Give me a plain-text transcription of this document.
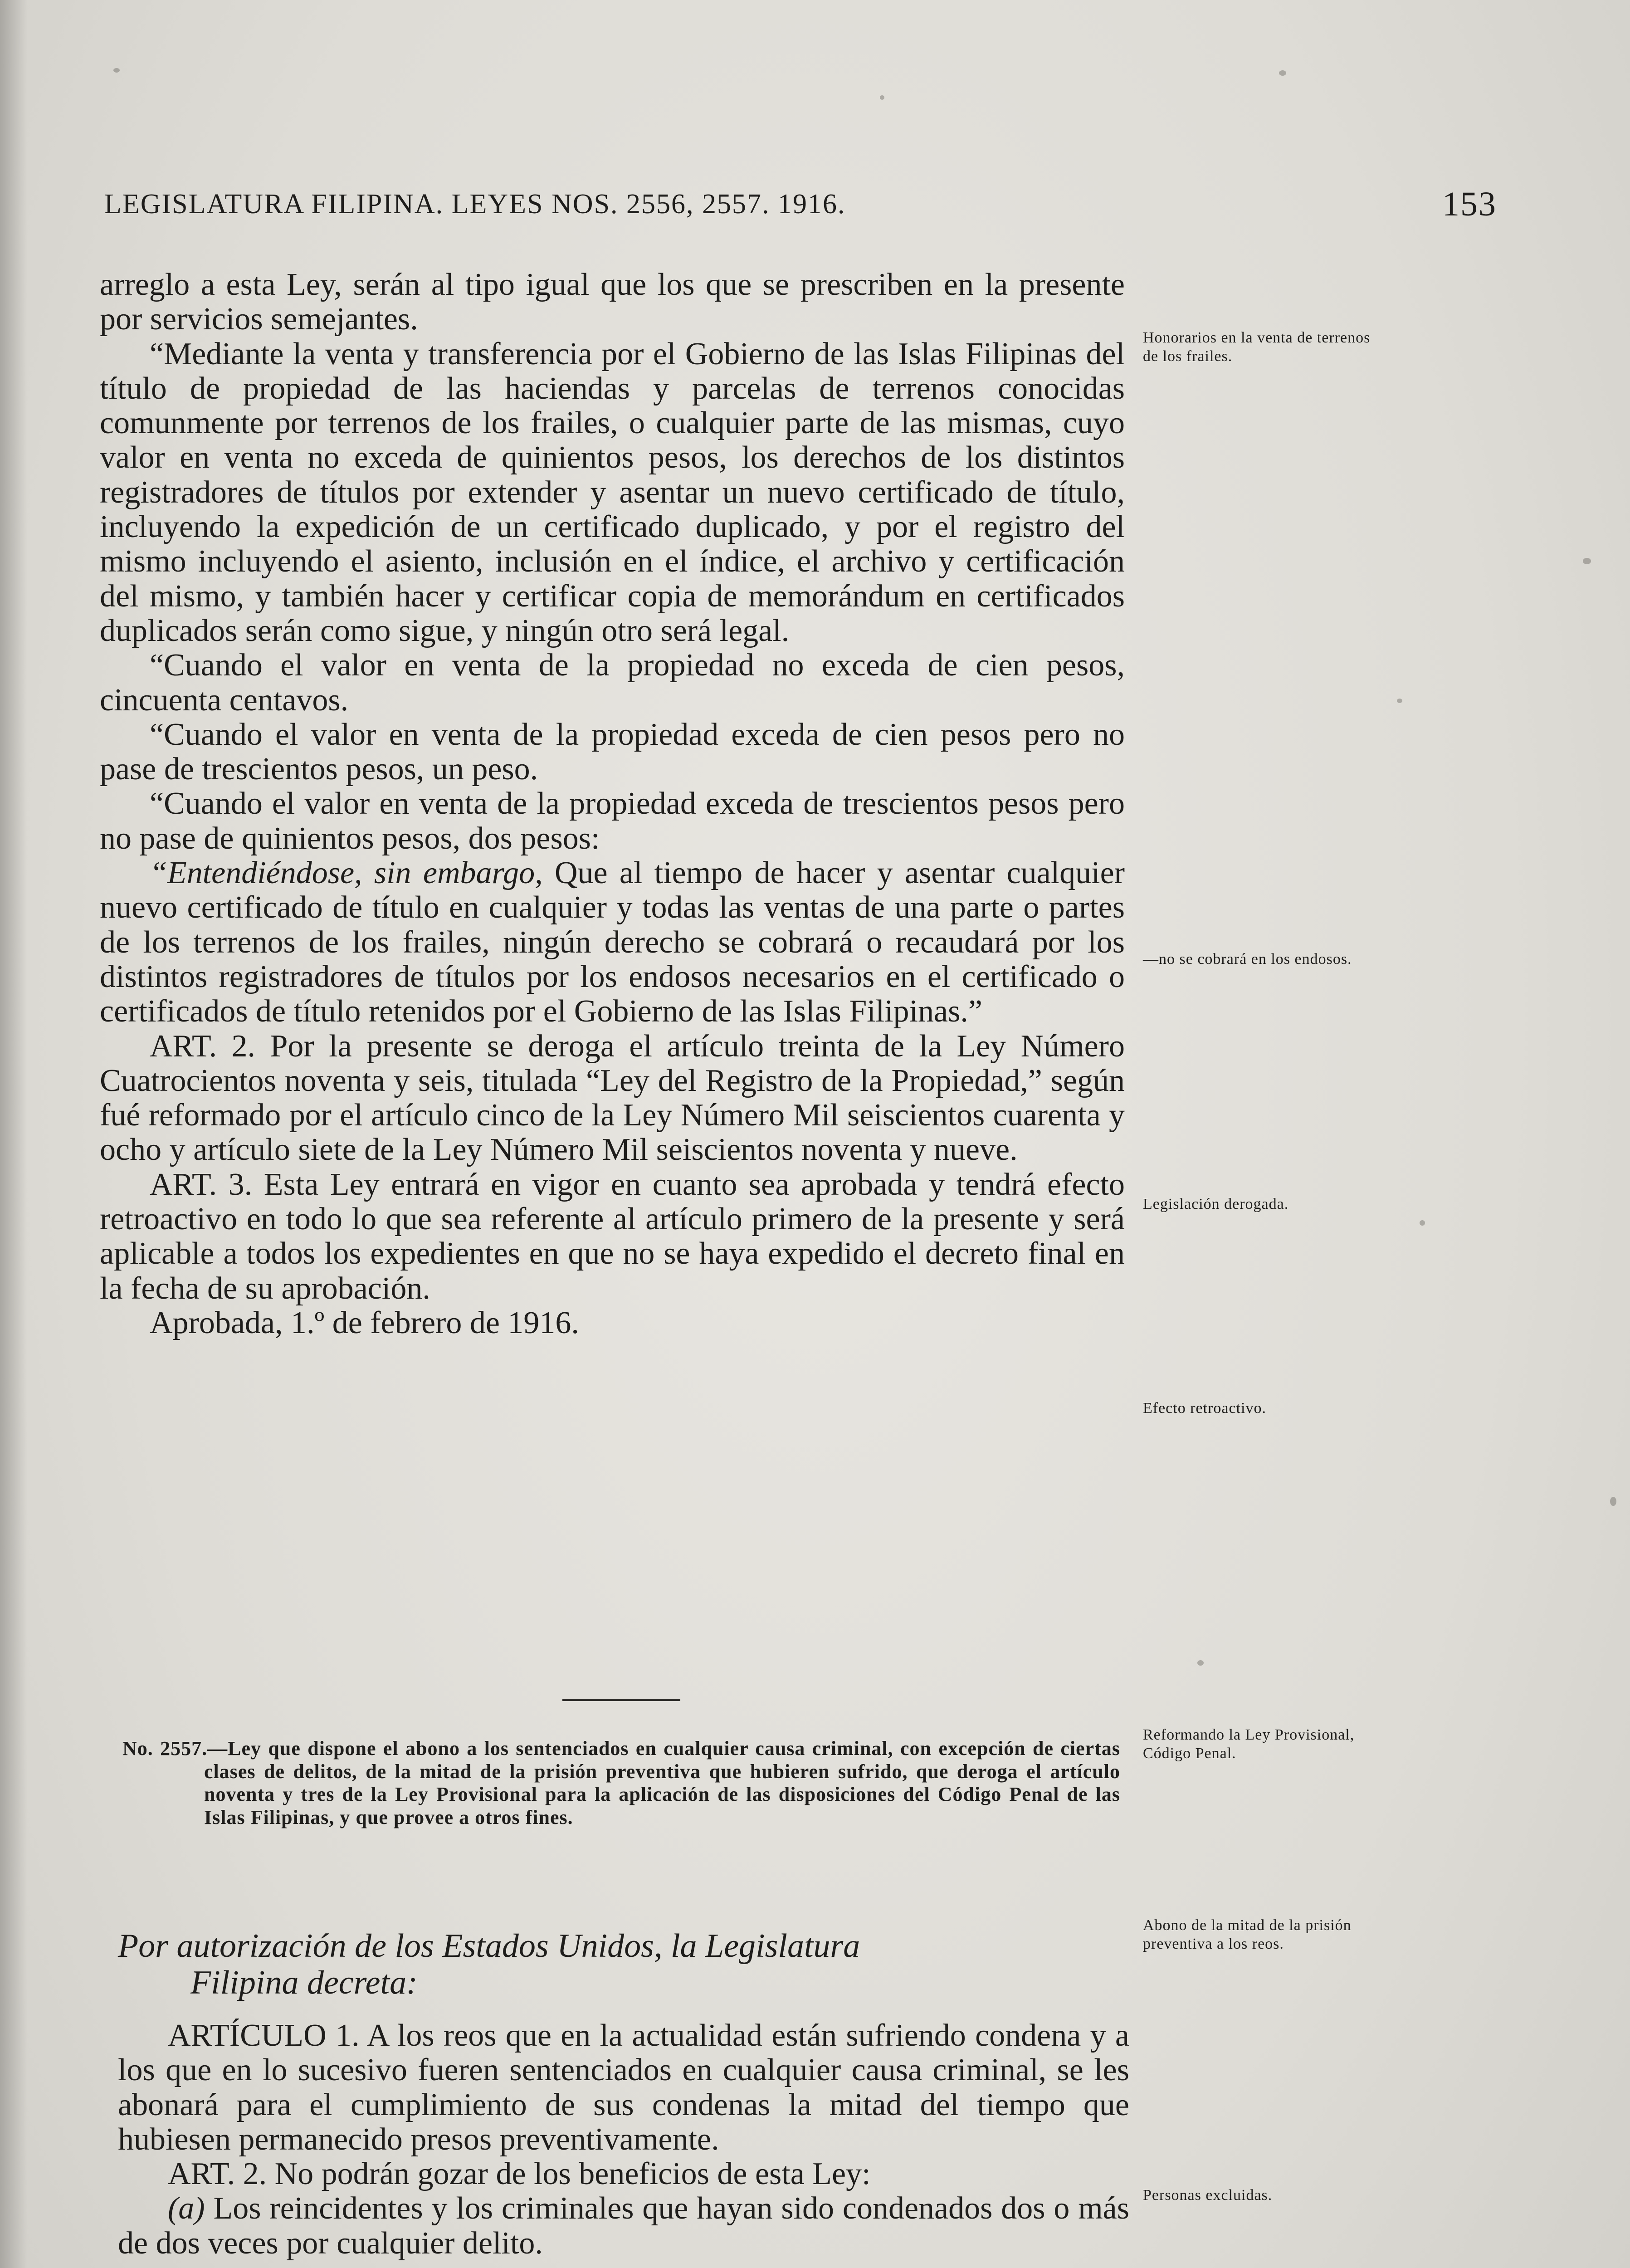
LEGISLATURA FILIPINA. LEYES NOS. 2556, 2557. 1916.	153

arreglo a esta Ley, serán al tipo igual que los que se prescriben en la presente por servicios semejantes.

“Mediante la venta y transferencia por el Gobierno de las Islas Filipinas del título de propiedad de las haciendas y parcelas de terrenos conocidas comunmente por terrenos de los frailes, o cualquier parte de las mismas, cuyo valor en venta no exceda de quinientos pesos, los derechos de los distintos registradores de títulos por extender y asentar un nuevo certificado de título, incluyendo la expedición de un certificado duplicado, y por el registro del mismo incluyendo el asiento, inclusión en el índice, el archivo y certificación del mismo, y también hacer y certificar copia de memorándum en certificados duplicados serán como sigue, y ningún otro será legal.

“Cuando el valor en venta de la propiedad no exceda de cien pesos, cincuenta centavos.

“Cuando el valor en venta de la propiedad exceda de cien pesos pero no pase de trescientos pesos, un peso.

“Cuando el valor en venta de la propiedad exceda de trescientos pesos pero no pase de quinientos pesos, dos pesos:

“Entendiéndose, sin embargo, Que al tiempo de hacer y asentar cualquier nuevo certificado de título en cualquier y todas las ventas de una parte o partes de los terrenos de los frailes, ningún derecho se cobrará o recaudará por los distintos registradores de títulos por los endosos necesarios en el certificado o certificados de título retenidos por el Gobierno de las Islas Filipinas.”

ART. 2. Por la presente se deroga el artículo treinta de la Ley Número Cuatrocientos noventa y seis, titulada “Ley del Registro de la Propiedad,” según fué reformado por el artículo cinco de la Ley Número Mil seiscientos cuarenta y ocho y artículo siete de la Ley Número Mil seiscientos noventa y nueve.

ART. 3. Esta Ley entrará en vigor en cuanto sea aprobada y tendrá efecto retroactivo en todo lo que sea referente al artículo primero de la presente y será aplicable a todos los expedientes en que no se haya expedido el decreto final en la fecha de su aprobación.

Aprobada, 1.º de febrero de 1916.

Honorarios en la venta de terrenos de los frailes.
—no se cobrará en los endosos.
Legislación derogada.
Efecto retroactivo.
Reformando la Ley Provisional, Código Penal.
Abono de la mitad de la prisión preventiva a los reos.
Personas excluidas.

No. 2557.—Ley que dispone el abono a los sentenciados en cualquier causa criminal, con excepción de ciertas clases de delitos, de la mitad de la prisión preventiva que hubieren sufrido, que deroga el artículo noventa y tres de la Ley Provisional para la aplicación de las disposiciones del Código Penal de las Islas Filipinas, y que provee a otros fines.

Por autorización de los Estados Unidos, la Legislatura
Filipina decreta:

ARTÍCULO 1. A los reos que en la actualidad están sufriendo condena y a los que en lo sucesivo fueren sentenciados en cualquier causa criminal, se les abonará para el cumplimiento de sus condenas la mitad del tiempo que hubiesen permanecido presos preventivamente.

ART. 2. No podrán gozar de los beneficios de esta Ley:

(a) Los reincidentes y los criminales que hayan sido condenados dos o más de dos veces por cualquier delito.
